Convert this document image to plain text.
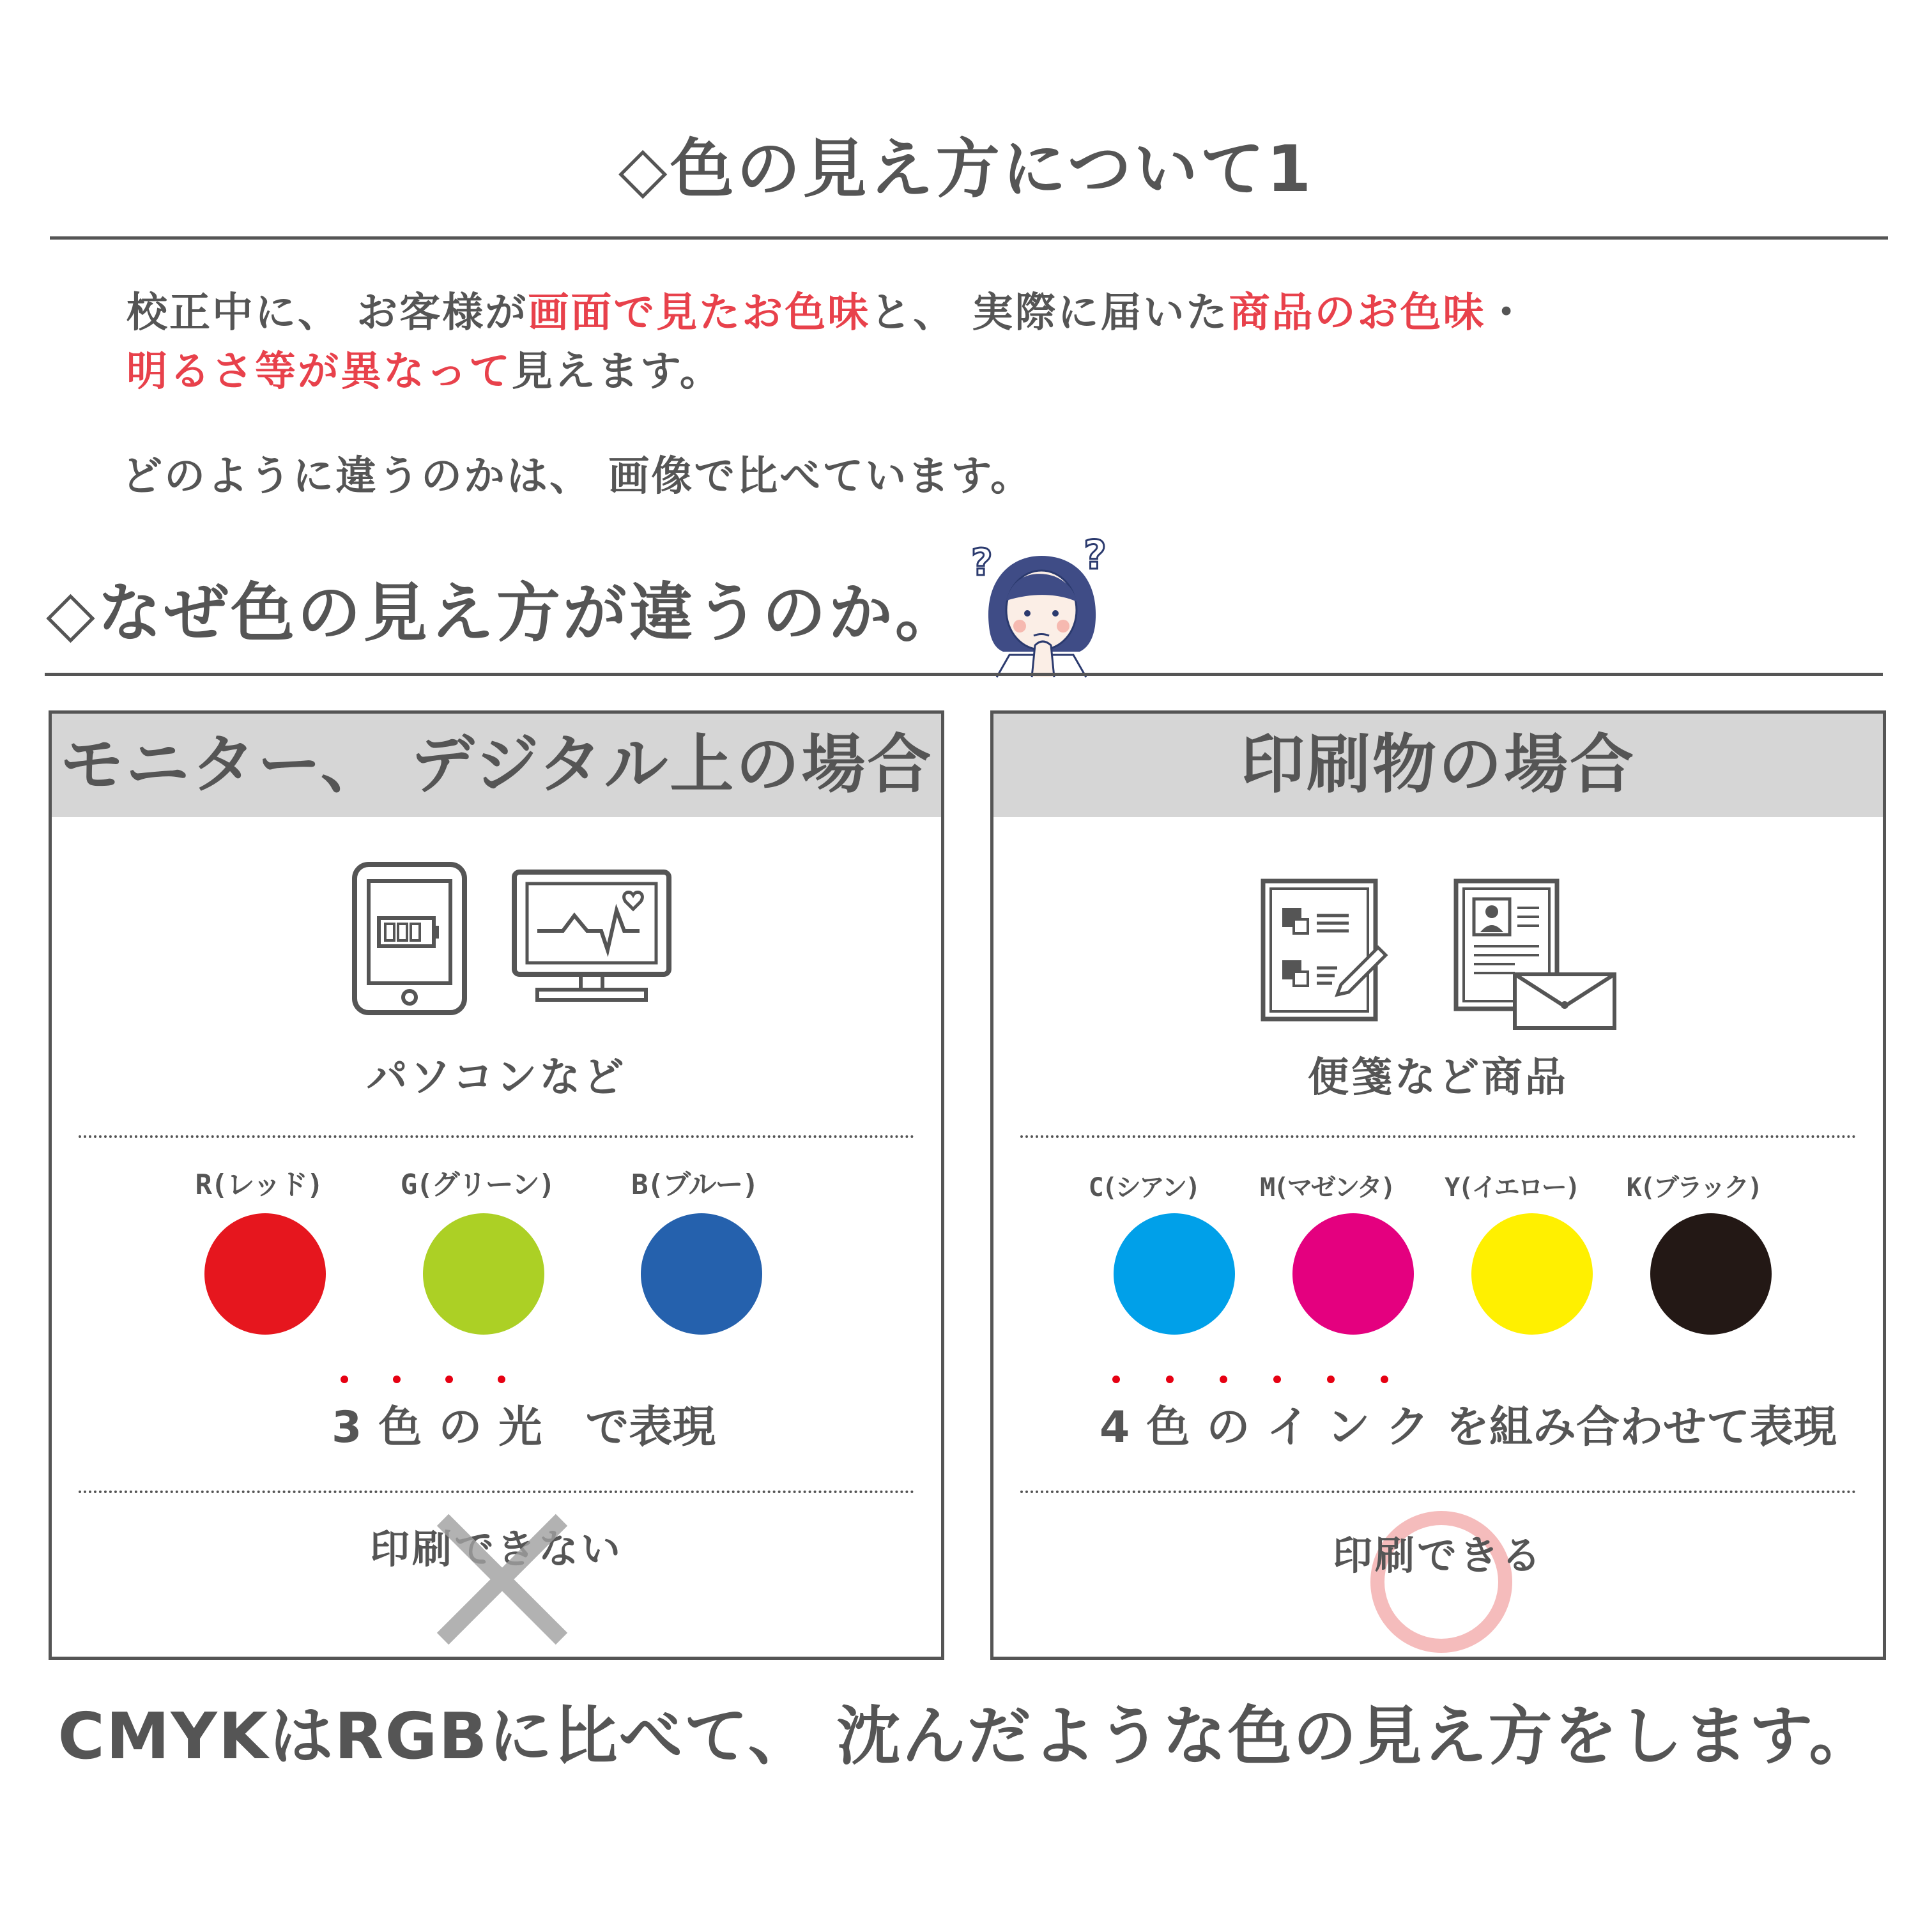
◇色の見え方について1
校正中に、 お客様が画面で見たお色味と、 実際に届いた商品のお色味・
明るさ等が異なって見えます。
どのように違うのかは、 画像で比べています。
◇なぜ色の見え方が違うのか。
? ?
モニター、 デジタル上の場合
パソコンなど
R(レッド)	G(グリーン)	B(ブルー)
3色の光 で表現
印刷できない
印刷物の場合
便箋など商品
C(シアン)	M(マゼンタ)	Y(イエロー)	K(ブラック)
4色のインクを組み合わせて表現
印刷できる
CMYKはRGBに比べて、 沈んだような色の見え方をします。
